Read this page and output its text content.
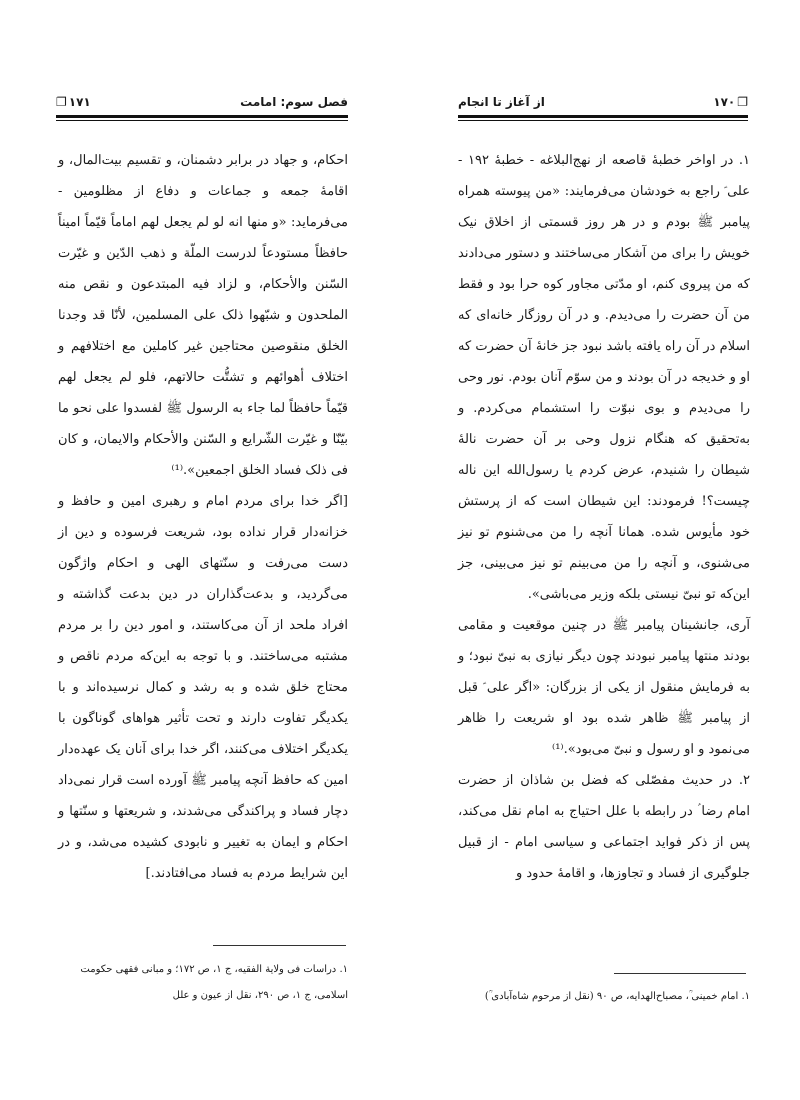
فصل سوم: امامت
❐ ۱۷۱

احکام، و جهاد در برابر دشمنان، و تقسیم بیت‌المال، و اقامۀ جمعه و جماعات و دفاع از مظلومین - می‌فرماید: «و منها انه لو لم یجعل لهم اماماً قیّماً امیناً حافظاً مستودعاً لدرست الملّة و ذهب الدّین و غیّرت السّنن والأحکام، و لزاد فیه المبتدعون و نقص منه الملحدون و شبّهوا ذلک علی المسلمین، لأنّا قد وجدنا الخلق منقوصین محتاجین غیر کاملین مع اختلافهم و اختلاف أهوائهم و تشتُّت حالاتهم، فلو لم یجعل لهم قیّماً حافظاً لما جاء به الرسول ﷺ لفسدوا علی نحو ما بیّنّا و غیّرت الشّرایع و السّنن والأحکام والایمان، و کان فی ذلک فساد الخلق اجمعین».⁽¹⁾

[اگر خدا برای مردم امام و رهبری امین و حافظ و خزانه‌دار قرار نداده بود، شریعت فرسوده و دین از دست می‌رفت و سنّتهای الهی و احکام واژگون می‌گردید، و بدعت‌گذاران در دین بدعت گذاشته و افراد ملحد از آن می‌کاستند، و امور دین را بر مردم مشتبه می‌ساختند. و با توجه به این‌که مردم ناقص و محتاج خلق شده و به رشد و کمال نرسیده‌اند و با یکدیگر تفاوت دارند و تحت تأثیر هواهای گوناگون با یکدیگر اختلاف می‌کنند، اگر خدا برای آنان یک عهده‌دار امین که حافظ آنچه پیامبر ﷺ آورده است قرار نمی‌داد دچار فساد و پراکندگی می‌شدند، و شریعتها و سنّتها و احکام و ایمان به تغییر و نابودی کشیده می‌شد، و در این شرایط مردم به فساد می‌افتادند.]

۱. دراسات فی ولایة الفقیه، ج ۱، ص ۱۷۲؛ و مبانی فقهی حکومت اسلامی، ج ۱، ص ۲۹۰، نقل از عیون و علل
۱۷۰ ❐
از آغاز تا انجام

۱. در اواخر خطبۀ قاصعه از نهج‌البلاغه - خطبۀ ۱۹۲ - علی ؑ راجع به خودشان می‌فرمایند: «من پیوسته همراه پیامبر ﷺ بودم و در هر روز قسمتی از اخلاق نیک خویش را برای من آشکار می‌ساختند و دستور می‌دادند که من پیروی کنم، او مدّتی مجاور کوه حرا بود و فقط من آن حضرت را می‌دیدم. و در آن روزگار خانه‌ای که اسلام در آن راه یافته باشد نبود جز خانۀ آن حضرت که او و خدیجه در آن بودند و من سوّم آنان بودم. نور وحی را می‌دیدم و بوی نبوّت را استشمام می‌کردم. و به‌تحقیق که هنگام نزول وحی بر آن حضرت نالۀ شیطان را شنیدم، عرض کردم یا رسول‌الله این ناله چیست؟! فرمودند: این شیطان است که از پرستش خود مأیوس شده. همانا آنچه را من می‌شنوم تو نیز می‌شنوی، و آنچه را من می‌بینم تو نیز می‌بینی، جز این‌که تو نبیّ نیستی بلکه وزیر می‌باشی».

آری، جانشینان پیامبر ﷺ در چنین موقعیت و مقامی بودند منتها پیامبر نبودند چون دیگر نیازی به نبیّ نبود؛ و به فرمایش منقول از یکی از بزرگان: «اگر علی ؑ قبل از پیامبر ﷺ ظاهر شده بود او شریعت را ظاهر می‌نمود و او رسول و نبیّ می‌بود».⁽¹⁾

۲. در حدیث مفصّلی که فضل بن شاذان از حضرت امام رضا ؑ در رابطه با علل احتیاج به امام نقل می‌کند، پس از ذکر فواید اجتماعی و سیاسی امام - از قبیل جلوگیری از فساد و تجاوزها، و اقامۀ حدود و

۱. امام خمینی ؒ، مصباح‌الهدایه، ص ۹۰ (نقل از مرحوم شاه‌آبادی ؒ)
